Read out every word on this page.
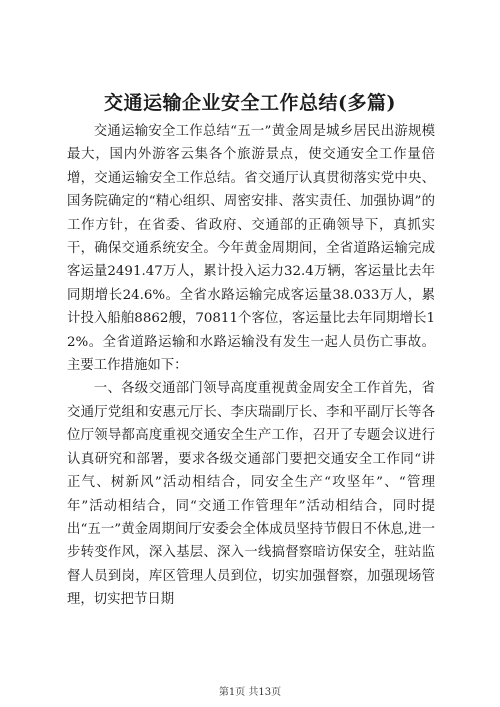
交通运输企业安全工作总结(多篇)

交通运输安全工作总结“五一”黄金周是城乡居民出游规模最大，国内外游客云集各个旅游景点，使交通安全工作量倍增，交通运输安全工作总结。省交通厅认真贯彻落实党中央、国务院确定的“精心组织、周密安排、落实责任、加强协调”的工作方针，在省委、省政府、交通部的正确领导下，真抓实干，确保交通系统安全。今年黄金周期间，全省道路运输完成客运量2491.47万人，累计投入运力32.4万辆，客运量比去年同期增长24.6%。全省水路运输完成客运量38.033万人，累计投入船舶8862艘，70811个客位，客运量比去年同期增长12%。全省道路运输和水路运输没有发生一起人员伤亡事故。主要工作措施如下：

一、各级交通部门领导高度重视黄金周安全工作首先，省交通厅党组和安惠元厅长、李庆瑞副厅长、李和平副厅长等各位厅领导都高度重视交通安全生产工作，召开了专题会议进行认真研究和部署，要求各级交通部门要把交通安全工作同“讲正气、树新风”活动相结合，同安全生产“攻坚年”、“管理年”活动相结合，同“交通工作管理年”活动相结合，同时提出“五一”黄金周期间厅安委会全体成员坚持节假日不休息,进一步转变作风，深入基层、深入一线搞督察暗访保安全，驻站监督人员到岗，库区管理人员到位，切实加强督察，加强现场管理，切实把节日期

第1页 共13页
